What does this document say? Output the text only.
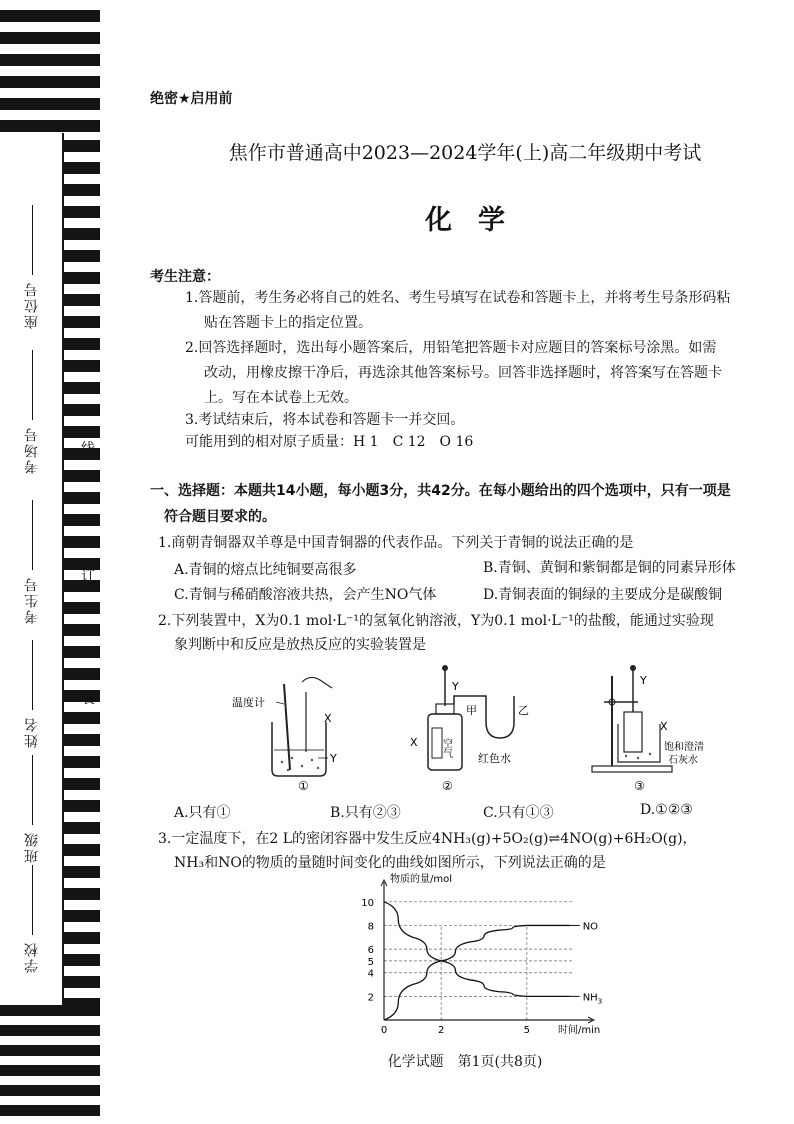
座位号
考场号
考生号
姓名
班级
学校
线
订
装
绝密★启用前
焦作市普通高中2023—2024学年(上)高二年级期中考试
化学
考生注意：
1.答题前，考生务必将自己的姓名、考生号填写在试卷和答题卡上，并将考生号条形码粘
贴在答题卡上的指定位置。
2.回答选择题时，选出每小题答案后，用铅笔把答题卡对应题目的答案标号涂黑。如需
改动，用橡皮擦干净后，再选涂其他答案标号。回答非选择题时，将答案写在答题卡
上。写在本试卷上无效。
3.考试结束后，将本试卷和答题卡一并交回。
可能用到的相对原子质量：H 1　C 12　O 16
一、选择题：本题共14小题，每小题3分，共42分。在每小题给出的四个选项中，只有一项是
符合题目要求的。
1.商朝青铜器双羊尊是中国青铜器的代表作品。下列关于青铜的说法正确的是
A.青铜的熔点比纯铜要高很多	B.青铜、黄铜和紫铜都是铜的同素异形体
C.青铜与稀硝酸溶液共热，会产生NO气体	D.青铜表面的铜绿的主要成分是碳酸铜
2.下列装置中，X为0.1 mol·L⁻¹的氢氧化钠溶液，Y为0.1 mol·L⁻¹的盐酸，能通过实验现
象判断中和反应是放热反应的实验装置是
温度计
X
Y
①
Y
X 空气
甲	乙
红色水
②
Y
X
饱和澄清
石灰水
③
A.只有①	B.只有②③	C.只有①③	D.①②③
3.一定温度下，在2 L的密闭容器中发生反应4NH₃(g)+5O₂(g)⇌4NO(g)+6H₂O(g)，
NH₃和NO的物质的量随时间变化的曲线如图所示，下列说法正确的是
2
4
5
6
8
10
0	2	5
NO
$NH_3$
物质的量/mol
时间/min
化学试题　第1页(共8页)
